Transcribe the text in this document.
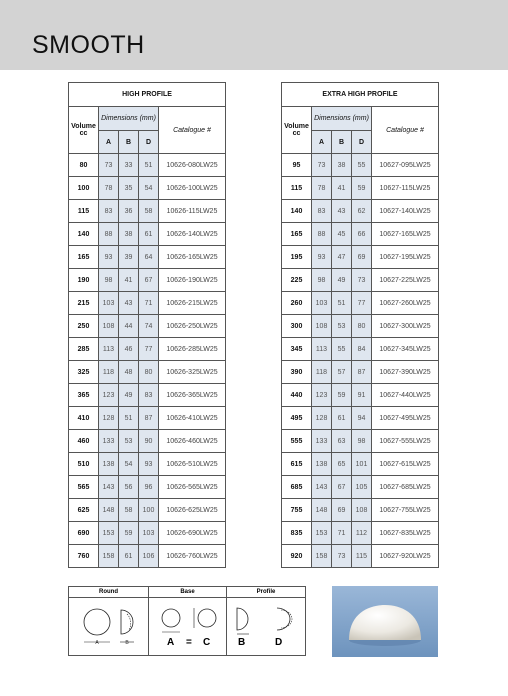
SMOOTH
HIGH PROFILE				
Volume cc	Dimensions (mm)			Catalogue #
	A	B	D	
80	73	33	51	10626-080LW25
100	78	35	54	10626-100LW25
115	83	36	58	10626-115LW25
140	88	38	61	10626-140LW25
165	93	39	64	10626-165LW25
190	98	41	67	10626-190LW25
215	103	43	71	10626-215LW25
250	108	44	74	10626-250LW25
285	113	46	77	10626-285LW25
325	118	48	80	10626-325LW25
365	123	49	83	10626-365LW25
410	128	51	87	10626-410LW25
460	133	53	90	10626-460LW25
510	138	54	93	10626-510LW25
565	143	56	96	10626-565LW25
625	148	58	100	10626-625LW25
690	153	59	103	10626-690LW25
760	158	61	106	10626-760LW25
EXTRA HIGH PROFILE				
Volume cc	Dimensions (mm)			Catalogue #
	A	B	D	
95	73	38	55	10627-095LW25
115	78	41	59	10627-115LW25
140	83	43	62	10627-140LW25
165	88	45	66	10627-165LW25
195	93	47	69	10627-195LW25
225	98	49	73	10627-225LW25
260	103	51	77	10627-260LW25
300	108	53	80	10627-300LW25
345	113	55	84	10627-345LW25
390	118	57	87	10627-390LW25
440	123	59	91	10627-440LW25
495	128	61	94	10627-495LW25
555	133	63	98	10627-555LW25
615	138	65	101	10627-615LW25
685	143	67	105	10627-685LW25
755	148	69	108	10627-755LW25
835	153	71	112	10627-835LW25
920	158	73	115	10627-920LW25
Round
A	B
Base
A = C
Profile
B	D
